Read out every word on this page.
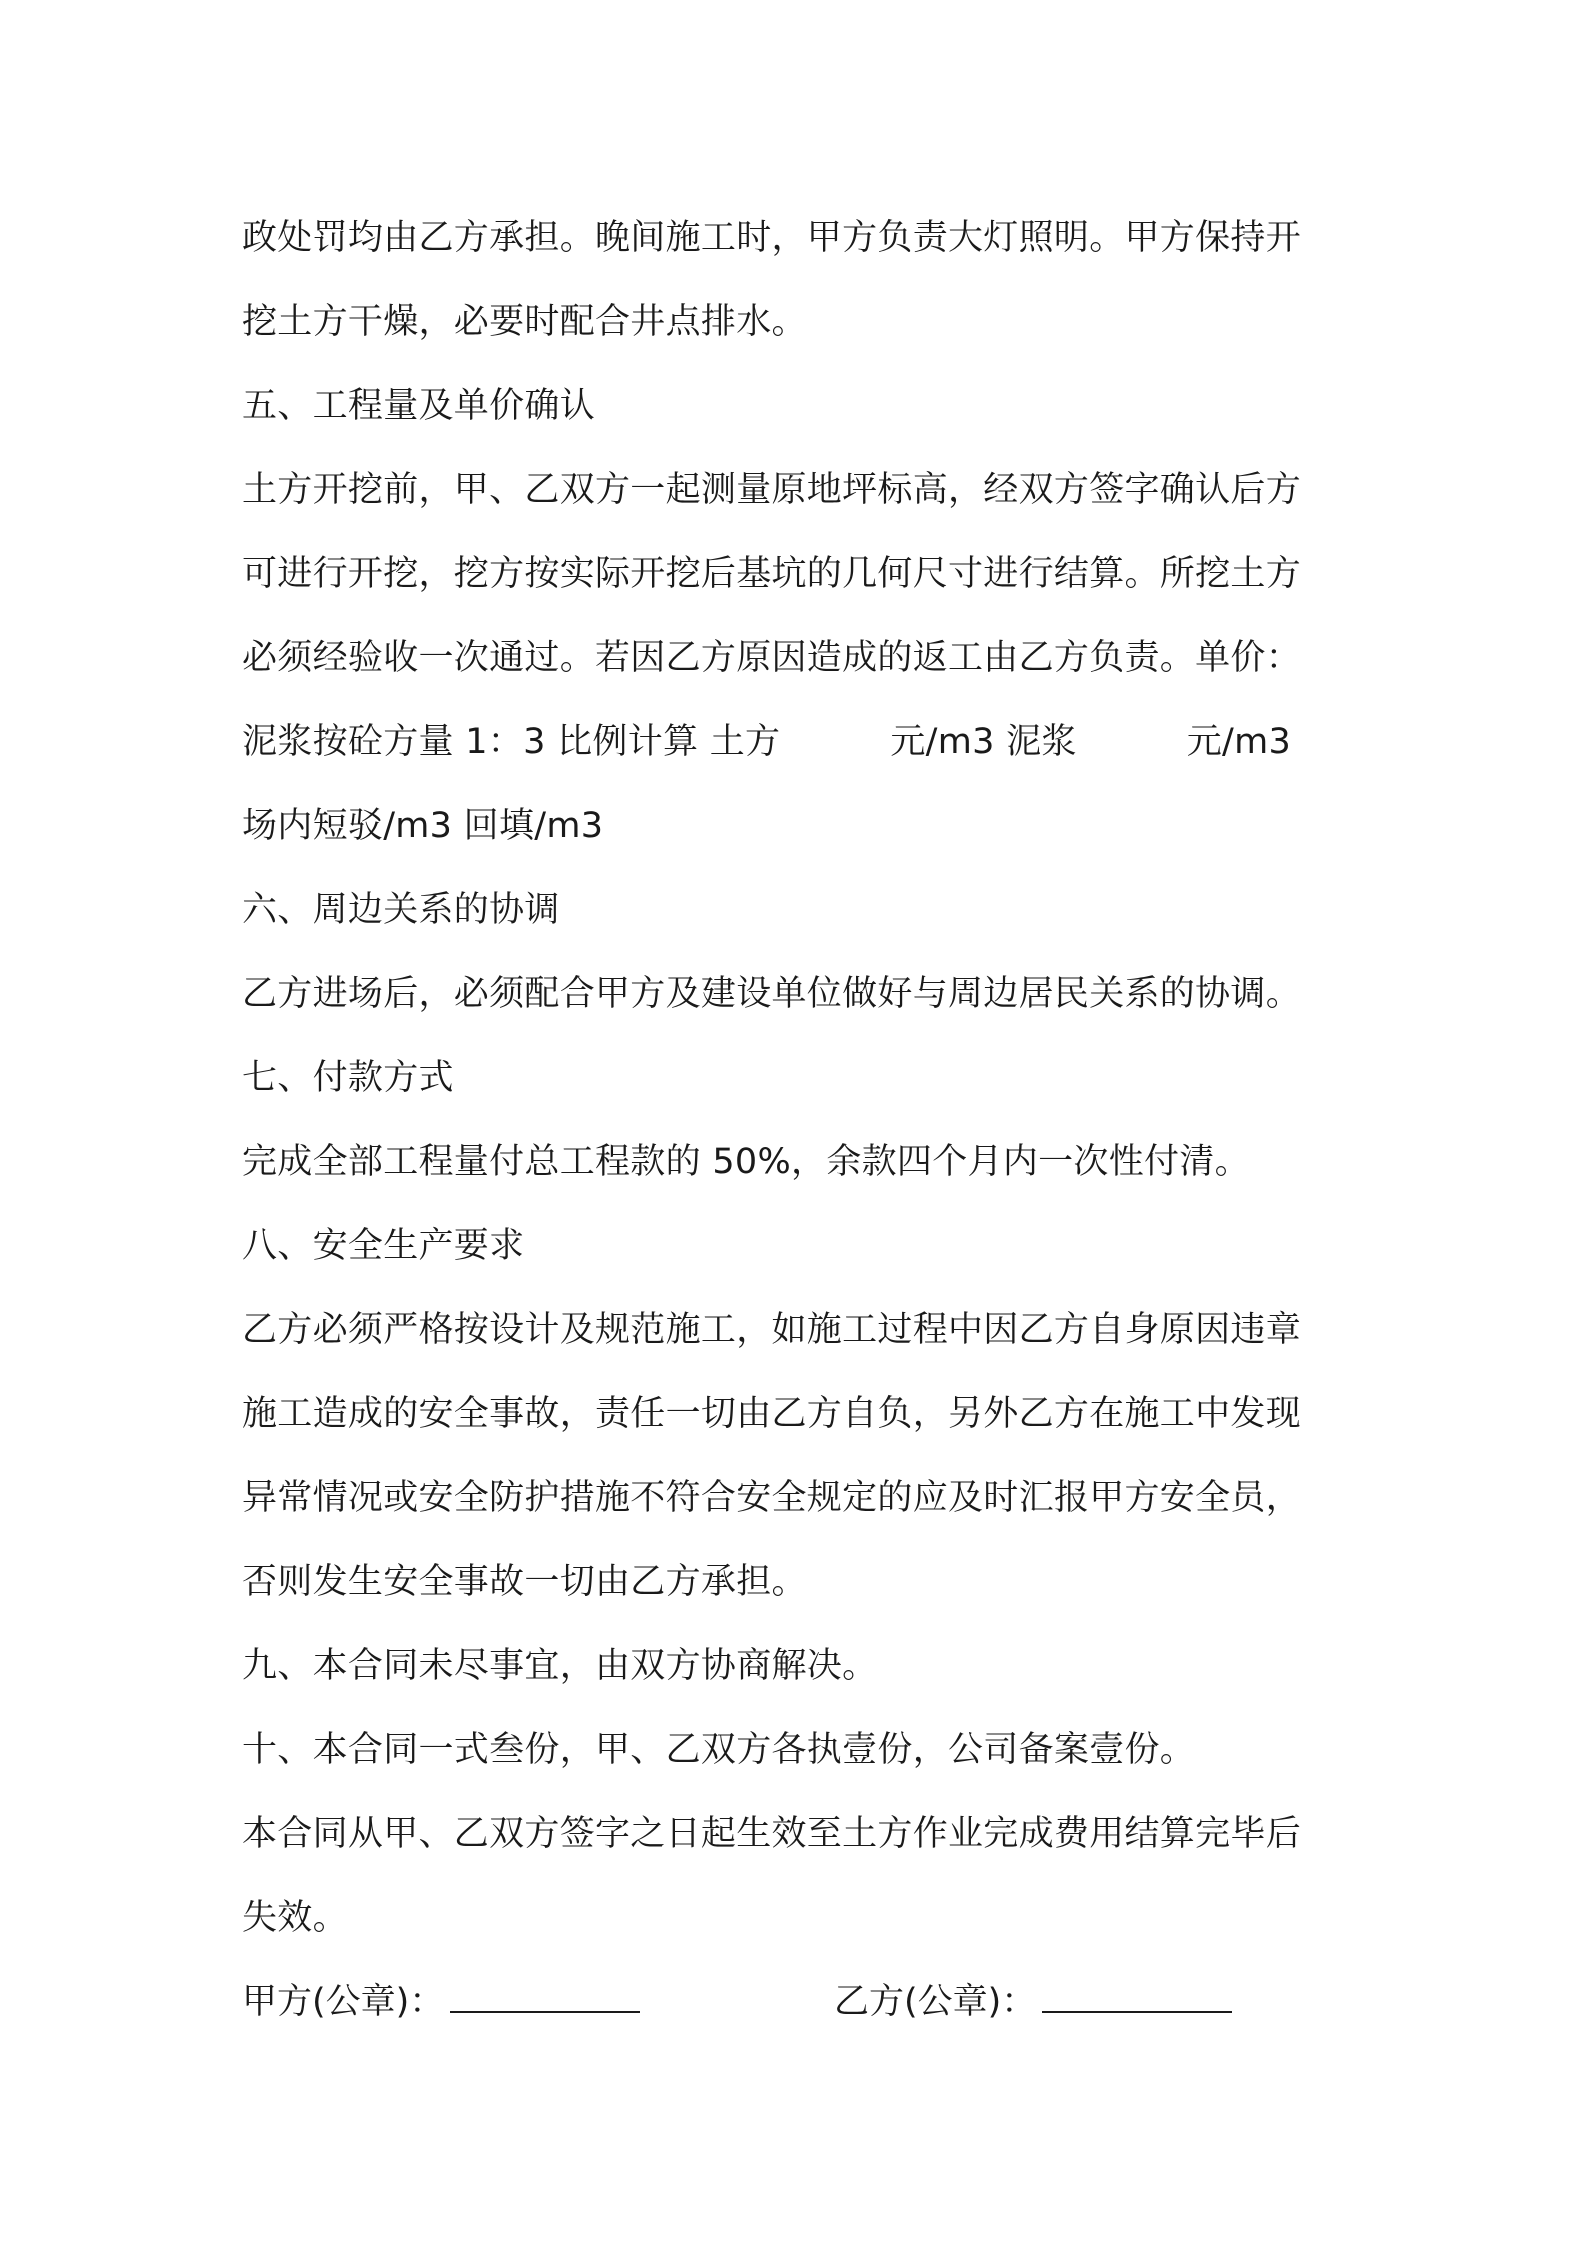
政处罚均由乙方承担。晚间施工时，甲方负责大灯照明。甲方保持开
挖土方干燥，必要时配合井点排水。
五、工程量及单价确认
土方开挖前，甲、乙双方一起测量原地坪标高，经双方签字确认后方
可进行开挖，挖方按实际开挖后基坑的几何尺寸进行结算。所挖土方
必须经验收一次通过。若因乙方原因造成的返工由乙方负责。单价：
泥浆按砼方量 1：3 比例计算 土方	元/m3 泥浆	元/m3
场内短驳/m3 回填/m3
六、周边关系的协调
乙方进场后，必须配合甲方及建设单位做好与周边居民关系的协调。
七、付款方式
完成全部工程量付总工程款的 50%，余款四个月内一次性付清。
八、安全生产要求
乙方必须严格按设计及规范施工，如施工过程中因乙方自身原因违章
施工造成的安全事故，责任一切由乙方自负，另外乙方在施工中发现
异常情况或安全防护措施不符合安全规定的应及时汇报甲方安全员，
否则发生安全事故一切由乙方承担。
九、本合同未尽事宜，由双方协商解决。
十、本合同一式叁份，甲、乙双方各执壹份，公司备案壹份。
本合同从甲、乙双方签字之日起生效至土方作业完成费用结算完毕后
失效。
甲方(公章)：	乙方(公章)：
